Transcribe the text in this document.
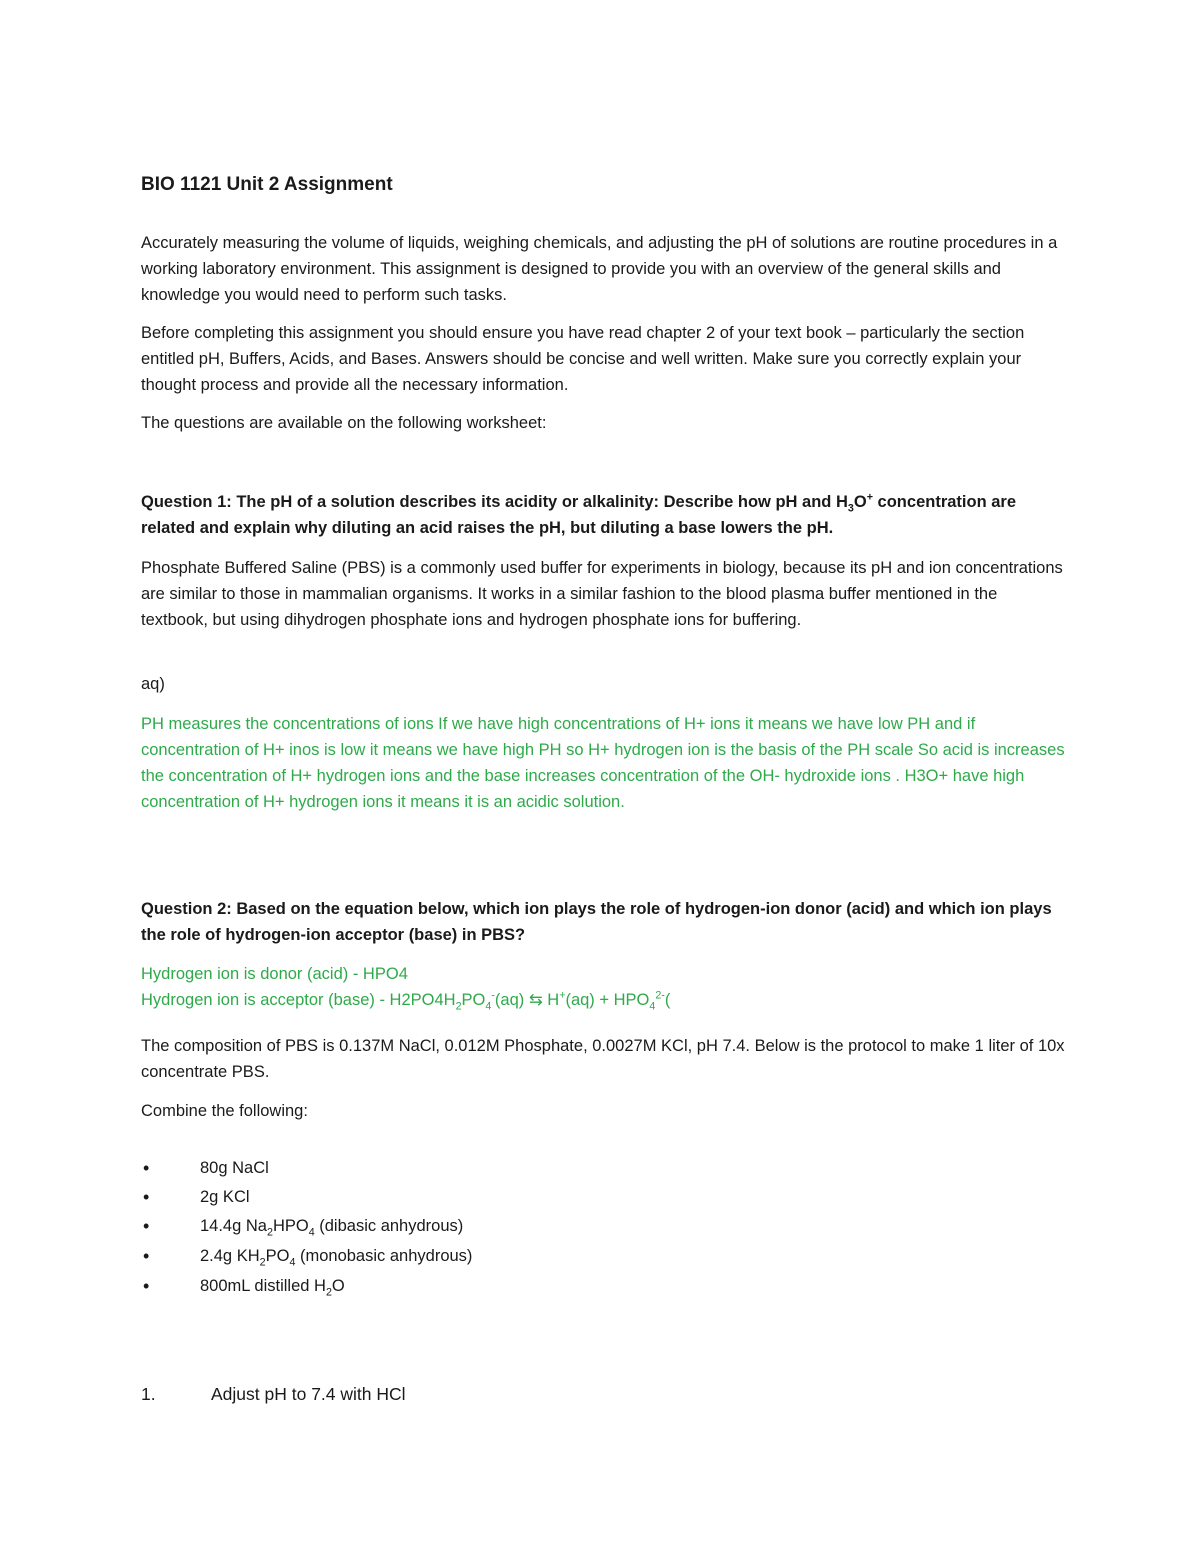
BIO 1121 Unit 2 Assignment
Accurately measuring the volume of liquids, weighing chemicals, and adjusting the pH of solutions are routine procedures in a working laboratory environment. This assignment is designed to provide you with an overview of the general skills and knowledge you would need to perform such tasks.
Before completing this assignment you should ensure you have read chapter 2 of your text book – particularly the section entitled pH, Buffers, Acids, and Bases. Answers should be concise and well written. Make sure you correctly explain your thought process and provide all the necessary information.
The questions are available on the following worksheet:
Question 1: The pH of a solution describes its acidity or alkalinity: Describe how pH and $H_3O^+$ concentration are related and explain why diluting an acid raises the pH, but diluting a base lowers the pH.
Phosphate Buffered Saline (PBS) is a commonly used buffer for experiments in biology, because its pH and ion concentrations are similar to those in mammalian organisms. It works in a similar fashion to the blood plasma buffer mentioned in the textbook, but using dihydrogen phosphate ions and hydrogen phosphate ions for buffering.
aq)
PH measures the concentrations of ions If we have high concentrations of H+ ions it means we have low PH and if concentration of H+ inos is low it means we have high PH so H+ hydrogen ion is the basis of the PH scale So acid is increases the concentration of H+ hydrogen ions and the base increases concentration of the OH- hydroxide ions . H3O+ have high concentration of H+ hydrogen ions it means it is an acidic solution.
Question 2: Based on the equation below, which ion plays the role of hydrogen-ion donor (acid) and which ion plays the role of hydrogen-ion acceptor (base) in PBS?
Hydrogen ion is donor (acid) - HPO4
Hydrogen ion is acceptor (base) - $H2PO4H_2PO_4^-(aq)$ ⇆ $H^+(aq) + HPO_4^{2-}$(
The composition of PBS is 0.137M NaCl, 0.012M Phosphate, 0.0027M KCl, pH 7.4. Below is the protocol to make 1 liter of 10x concentrate PBS.
Combine the following:
•	80g NaCl
•	2g KCl
•	14.4g $Na_2HPO_4$ (dibasic anhydrous)
•	2.4g $KH_2PO_4$ (monobasic anhydrous)
•	800mL distilled $H_2O$
1.	Adjust pH to 7.4 with HCl
